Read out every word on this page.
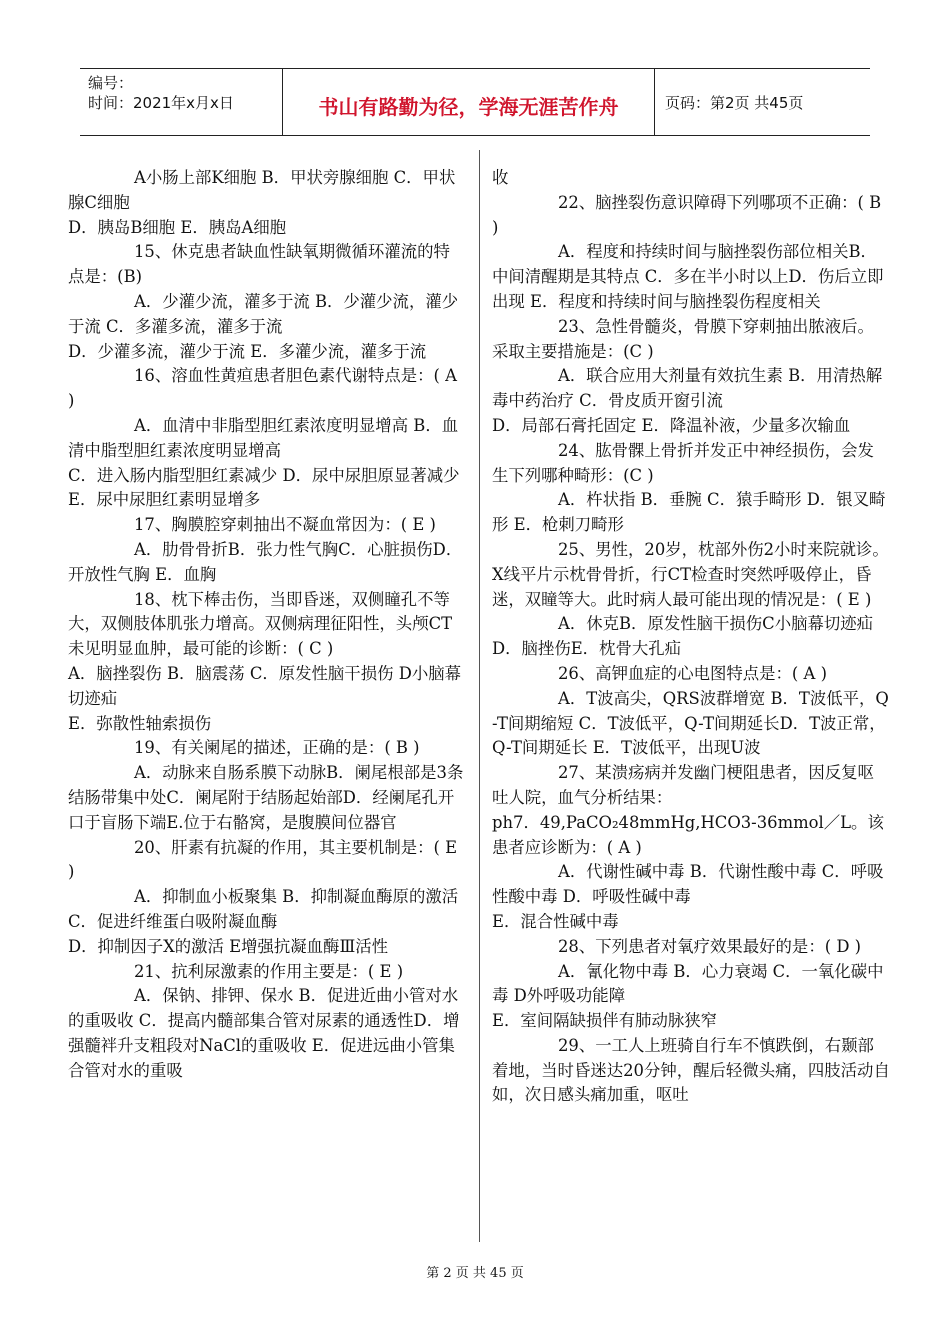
编号：
时间：2021年x月x日	书山有路勤为径，学海无涯苦作舟	页码：第2页 共45页

A小肠上部K细胞 B．甲状旁腺细胞 C．甲状腺C细胞

D．胰岛B细胞 E．胰岛A细胞

15、休克患者缺血性缺氧期微循环灌流的特点是：(B)

A．少灌少流，灌多于流 B．少灌少流，灌少于流 C．多灌多流，灌多于流

D．少灌多流，灌少于流 E．多灌少流，灌多于流

16、溶血性黄疸患者胆色素代谢特点是：( A )

A．血清中非脂型胆红素浓度明显增高 B．血清中脂型胆红素浓度明显增高

C．进入肠内脂型胆红素减少 D．尿中尿胆原显著减少 E．尿中尿胆红素明显增多

17、胸膜腔穿刺抽出不凝血常因为：( E )

A．肋骨骨折B．张力性气胸C．心脏损伤D．开放性气胸 E．血胸

18、枕下棒击伤，当即昏迷，双侧瞳孔不等大，双侧肢体肌张力增高。双侧病理征阳性，头颅CT未见明显血肿，最可能的诊断：( C )

A．脑挫裂伤 B．脑震荡 C．原发性脑干损伤 D小脑幕切迹疝

E．弥散性轴索损伤

19、有关阑尾的描述，正确的是：( B )

A．动脉来自肠系膜下动脉B．阑尾根部是3条结肠带集中处C．阑尾附于结肠起始部D．经阑尾孔开口于盲肠下端E.位于右骼窝，是腹膜间位器官

20、肝素有抗凝的作用，其主要机制是：( E )

A．抑制血小板聚集 B．抑制凝血酶原的激活 C．促进纤维蛋白吸附凝血酶

D．抑制因子X的激活 E增强抗凝血酶Ⅲ活性

21、抗利尿激素的作用主要是：( E )

A．保钠、排钾、保水 B．促进近曲小管对水的重吸收 C．提高内髓部集合管对尿素的通透性D．增强髓袢升支粗段对NaCl的重吸收 E．促进远曲小管集合管对水的重吸

收

22、脑挫裂伤意识障碍下列哪项不正确：( B )

A．程度和持续时间与脑挫裂伤部位相关B．中间清醒期是其特点 C．多在半小时以上D．伤后立即出现 E．程度和持续时间与脑挫裂伤程度相关

23、急性骨髓炎，骨膜下穿刺抽出脓液后。采取主要措施是：(C )

A．联合应用大剂量有效抗生素 B．用清热解毒中药治疗 C．骨皮质开窗引流

D．局部石膏托固定 E．降温补液，少量多次输血

24、肱骨髁上骨折并发正中神经损伤，会发生下列哪种畸形：(C )

A．杵状指 B．垂腕 C．猿手畸形 D．银叉畸形 E．枪刺刀畸形

25、男性，20岁，枕部外伤2小时来院就诊。X线平片示枕骨骨折，行CT检查时突然呼吸停止，昏迷，双瞳等大。此时病人最可能出现的情况是：( E )

A．休克B．原发性脑干损伤C小脑幕切迹疝D．脑挫伤E．枕骨大孔疝

26、高钾血症的心电图特点是：( A )

A．T波高尖，QRS波群增宽 B．T波低平，Q-T间期缩短 C．T波低平，Q-T间期延长D．T波正常，Q-T间期延长 E．T波低平，出现U波

27、某溃疡病并发幽门梗阻患者，因反复呕吐人院，血气分析结果：

ph7．49,PaCO₂48mmHg,HCO3-36mmol／L。该患者应诊断为：( A )

A．代谢性碱中毒 B．代谢性酸中毒 C．呼吸性酸中毒 D．呼吸性碱中毒

E．混合性碱中毒

28、下列患者对氧疗效果最好的是：( D )

A．氰化物中毒 B．心力衰竭 C．一氧化碳中毒 D外呼吸功能障

E．室间隔缺损伴有肺动脉狭窄

29、一工人上班骑自行车不慎跌倒，右颞部着地，当时昏迷达20分钟，醒后轻微头痛，四肢活动自如，次日感头痛加重，呕吐

第 2 页 共 45 页
